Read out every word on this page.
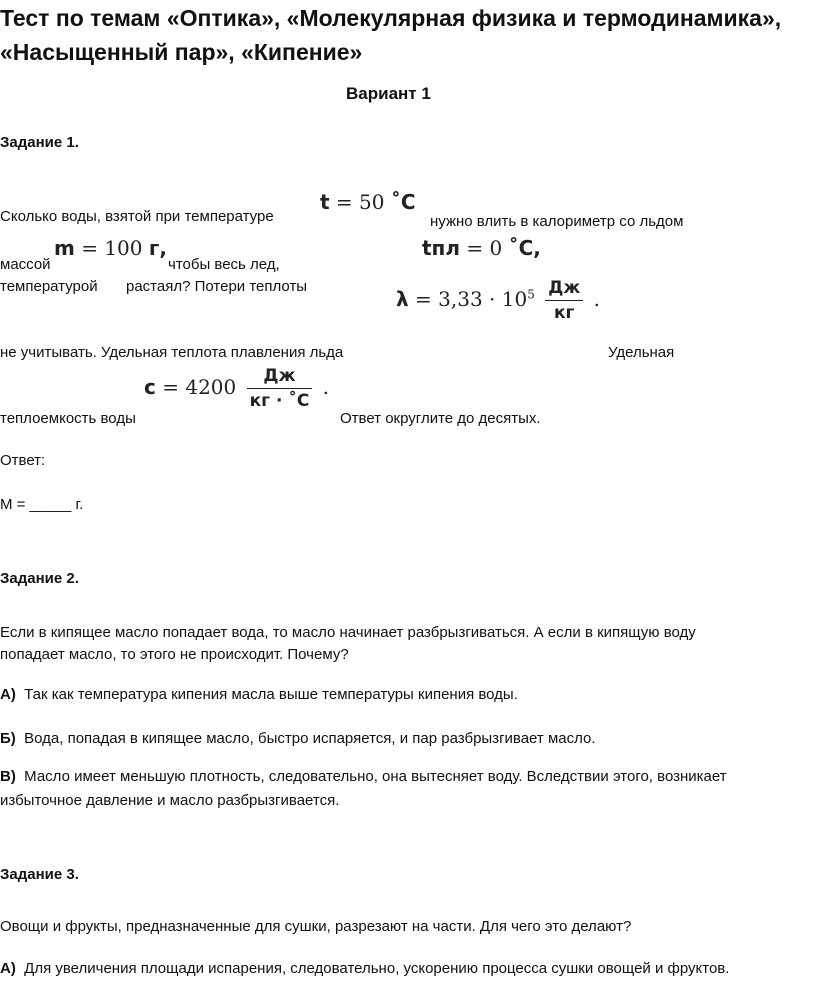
Тест по темам «Оптика», «Молекулярная физика и термодинамика»,
«Насыщенный пар», «Кипение»
Вариант 1
Задание 1.
t = 50 ˚C
Сколько воды, взятой при температуре	нужно влить в калориметр со льдом
m = 100 г,	tпл = 0 ˚C,
массой	чтобы весь лед,
температурой растаял? Потери теплоты
$\lambda = 3,33 \cdot 10^5 \frac{Дж}{кг}$ .
не учитывать. Удельная теплота плавления льда	Удельная
$c = 4200 \frac{Дж}{кг \cdot ˚C}$ .
теплоемкость воды	Ответ округлите до десятых.
Ответ:
M = _____ г.
Задание 2.
Если в кипящее масло попадает вода, то масло начинает разбрызгиваться. А если в кипящую воду
попадает масло, то этого не происходит. Почему?
А) Так как температура кипения масла выше температуры кипения воды.
Б) Вода, попадая в кипящее масло, быстро испаряется, и пар разбрызгивает масло.
В) Масло имеет меньшую плотность, следовательно, она вытесняет воду. Вследствии этого, возникает
избыточное давление и масло разбрызгивается.
Задание 3.
Овощи и фрукты, предназначенные для сушки, разрезают на части. Для чего это делают?
А) Для увеличения площади испарения, следовательно, ускорению процесса сушки овощей и фруктов.
